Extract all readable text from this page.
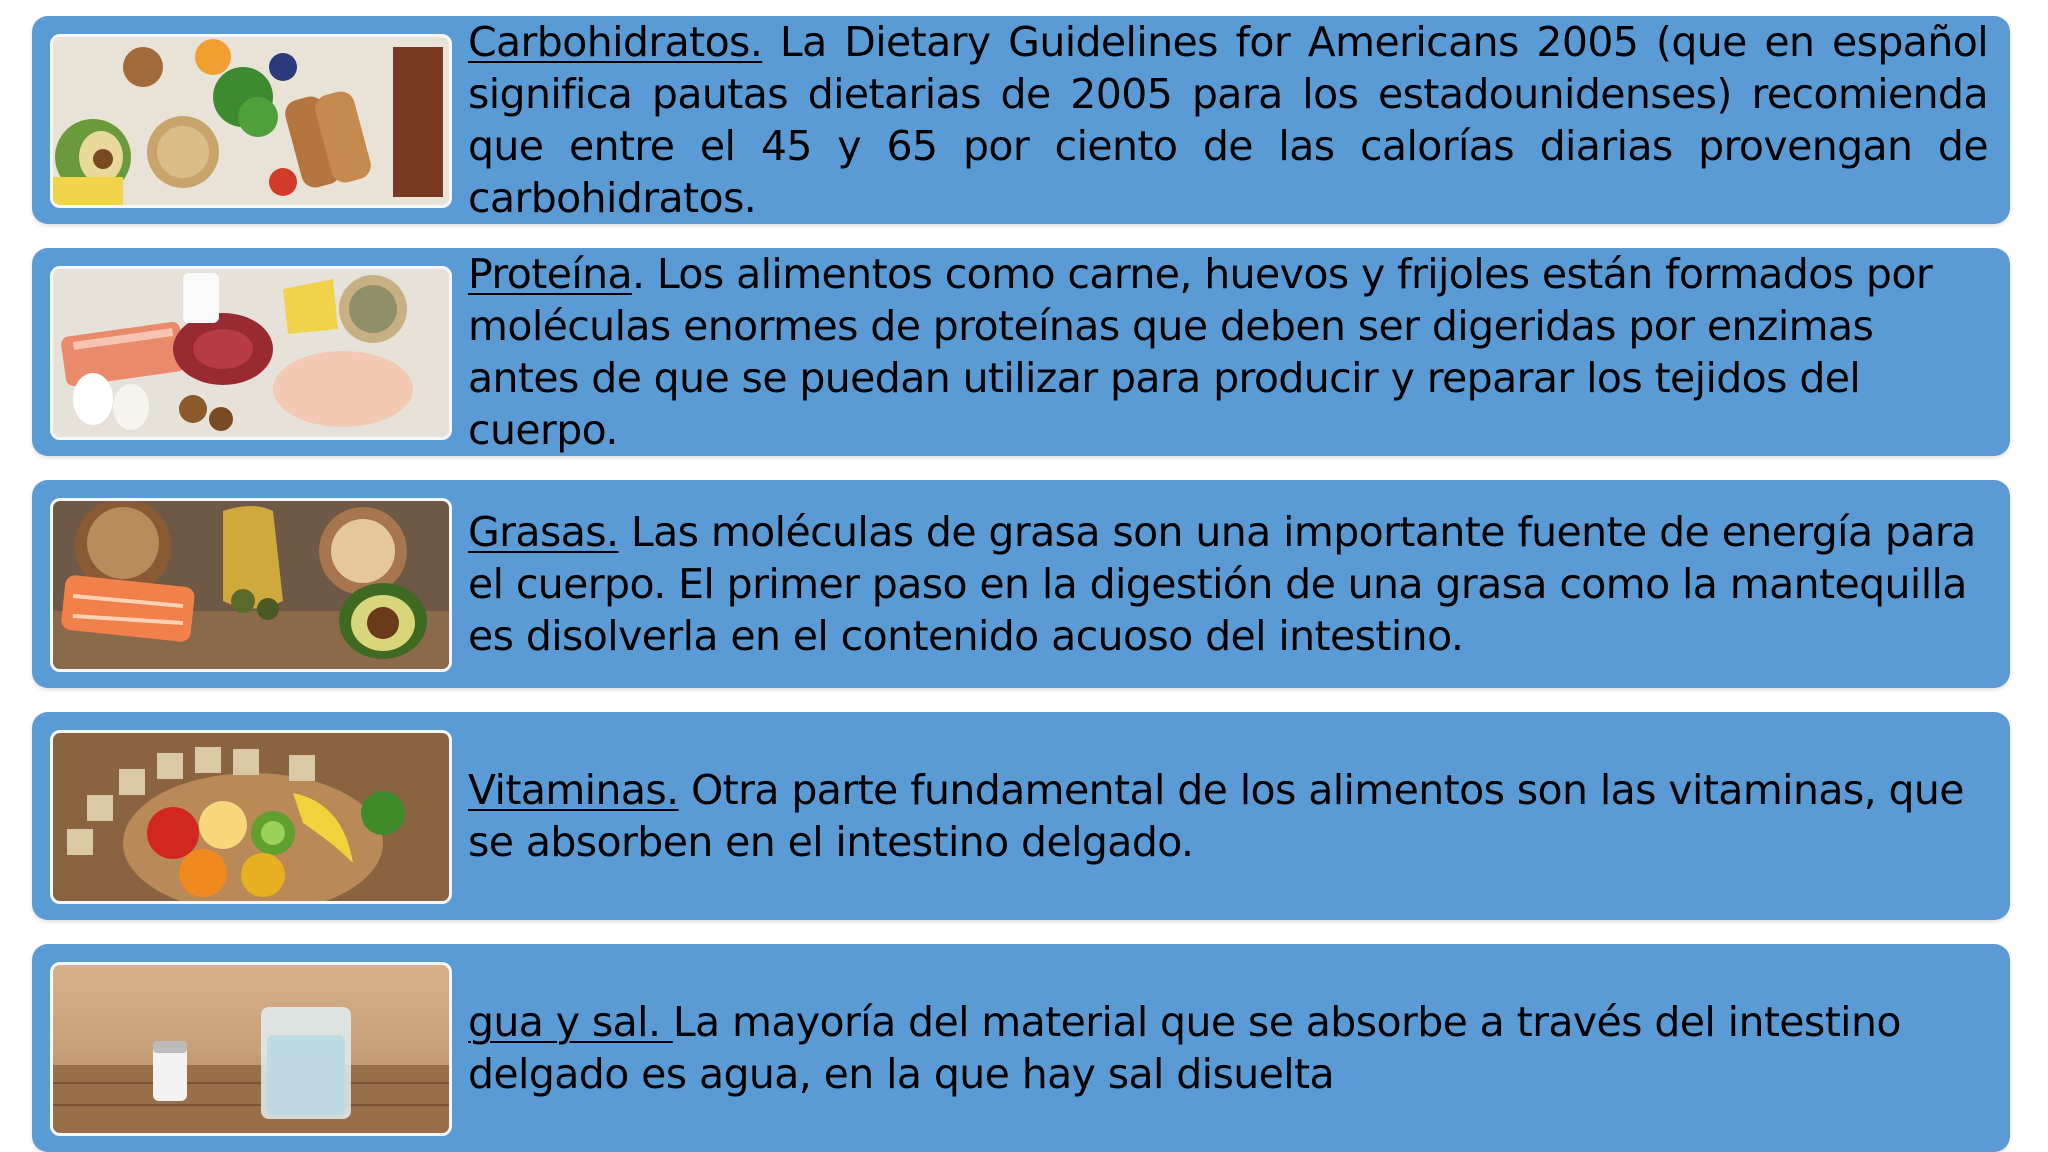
Carbohidratos. La Dietary Guidelines for Americans 2005 (que en español significa pautas dietarias de 2005 para los estadounidenses) recomienda que entre el 45 y 65 por ciento de las calorías diarias provengan de carbohidratos.

Proteína. Los alimentos como carne, huevos y frijoles están formados por moléculas enormes de proteínas que deben ser digeridas por enzimas antes de que se puedan utilizar para producir y reparar los tejidos del cuerpo.

Grasas. Las moléculas de grasa son una importante fuente de energía para el cuerpo. El primer paso en la digestión de una grasa como la mantequilla es disolverla en el contenido acuoso del intestino.

Vitaminas. Otra parte fundamental de los alimentos son las vitaminas, que se absorben en el intestino delgado.

gua y sal. La mayoría del material que se absorbe a través del intestino delgado es agua, en la que hay sal disuelta
